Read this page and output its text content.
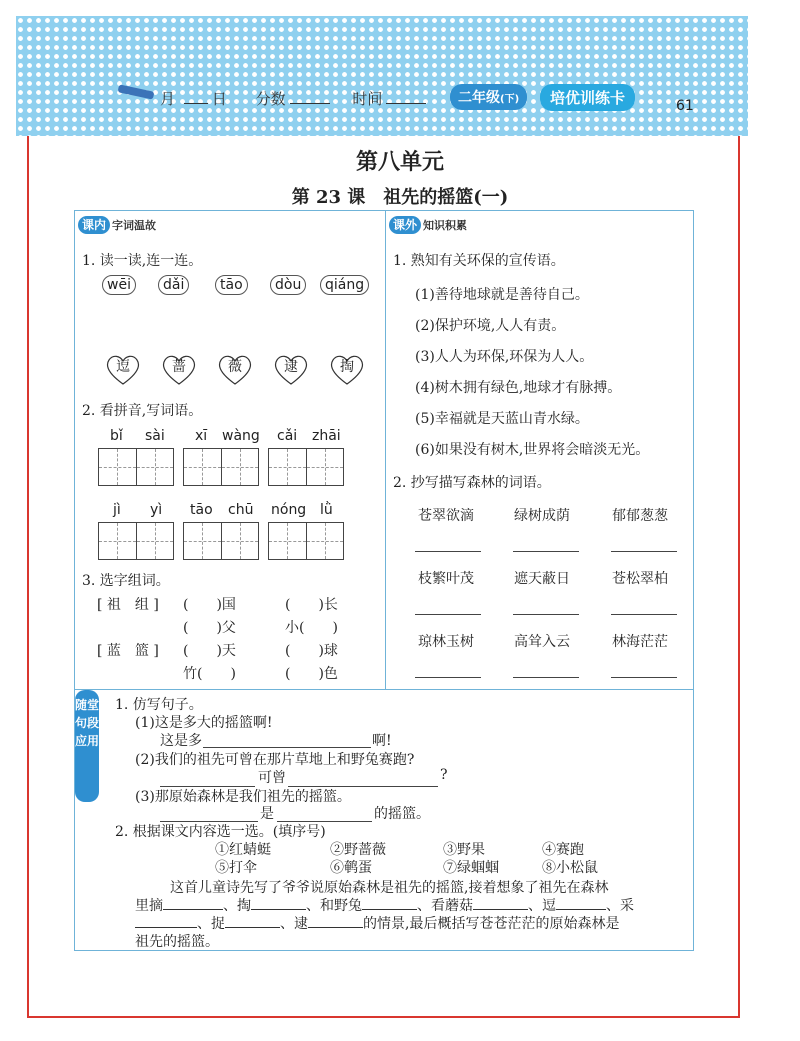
月 日 分数	时间	二年级(下)	培优训练卡	61
第八单元
第 23 课　祖先的摇篮(一)
课内 字词温故
1. 读一读,连一连。
wēi	dǎi	tāo	dòu	qiáng
逗	蔷	薇	逮	掏
2. 看拼音,写词语。
bǐ sài xī wàng cǎi zhāi
jì yì tāo chū nóng lǜ
3. 选字组词。
[ 祖　组 ] (　　)国	(　　)长
(　　)父	小(　　)
[ 蓝　篮 ] (　　)天	(　　)球
竹(　　)	(　　)色
课外 知识积累
1. 熟知有关环保的宣传语。
(1)善待地球就是善待自己。
(2)保护环境,人人有责。
(3)人人为环保,环保为人人。
(4)树木拥有绿色,地球才有脉搏。
(5)幸福就是天蓝山青水绿。
(6)如果没有树木,世界将会暗淡无光。
2. 抄写描写森林的词语。
苍翠欲滴	绿树成荫	郁郁葱葱
枝繁叶茂	遮天蔽日	苍松翠柏
琼林玉树	高耸入云	林海茫茫
随堂句段应用
1. 仿写句子。
(1)这是多大的摇篮啊!
这是多	啊!
(2)我们的祖先可曾在那片草地上和野兔赛跑?
可曾	?
(3)那原始森林是我们祖先的摇篮。
是	的摇篮。
2. 根据课文内容选一选。(填序号)
①红蜻蜓	②野蔷薇	③野果	④赛跑
⑤打伞	⑥鹌蛋	⑦绿蝈蝈	⑧小松鼠
这首儿童诗先写了爷爷说原始森林是祖先的摇篮,接着想象了祖先在森林
里摘	、掏	、和野兔	、看蘑菇	、逗	、采
、捉	、逮	的情景,最后概括写苍苍茫茫的原始森林是
祖先的摇篮。
